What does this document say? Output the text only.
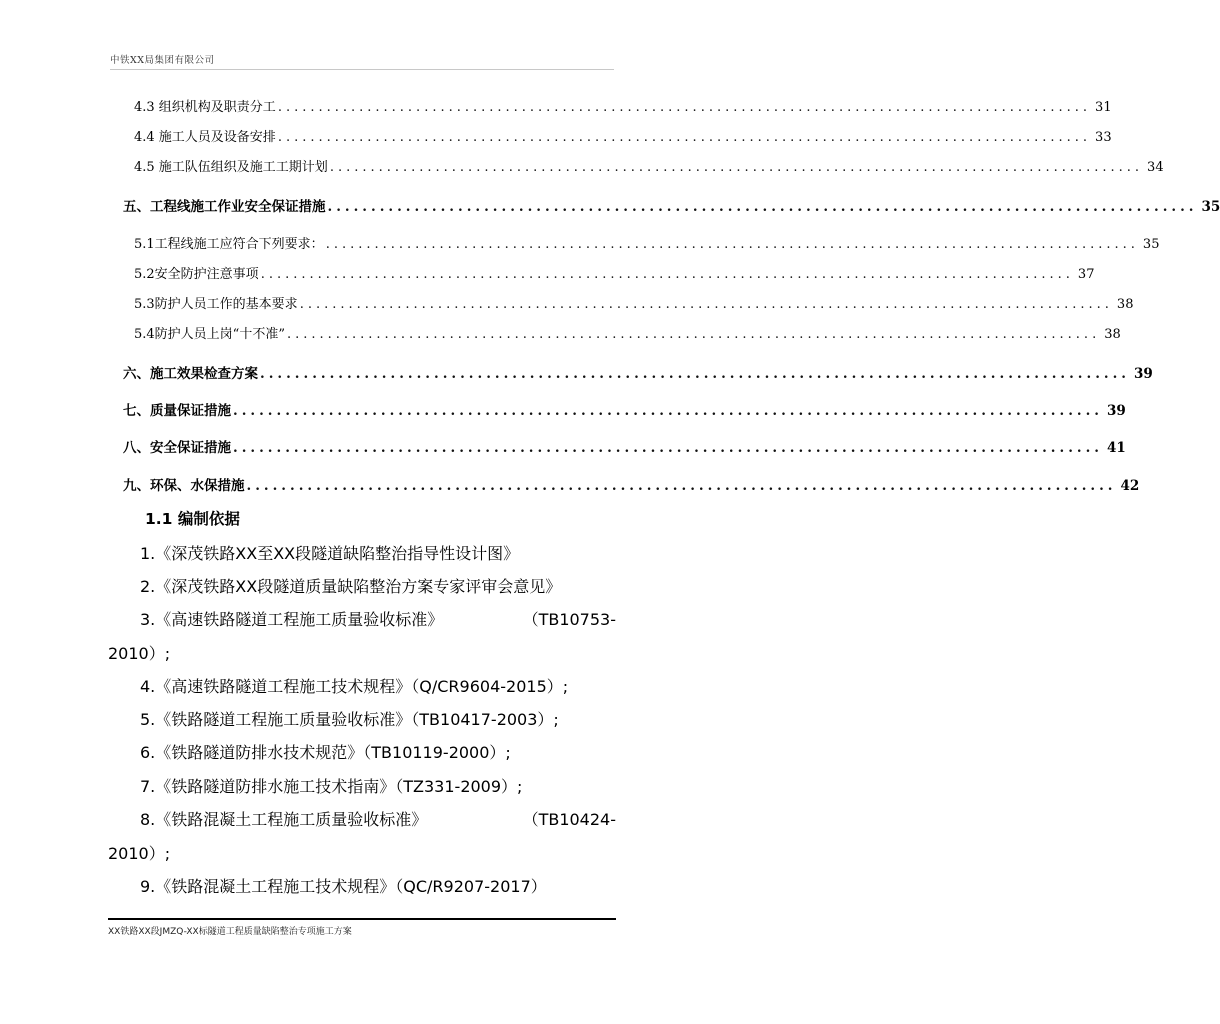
中铁XX局集团有限公司
4.3 组织机构及职责分工 .................................................................................................... 31
4.4 施工人员及设备安排 .................................................................................................... 33
4.5 施工队伍组织及施工工期计划 .................................................................................................... 34
五、工程线施工作业安全保证措施 .................................................................................................... 35
5.1工程线施工应符合下列要求： .................................................................................................... 35
5.2安全防护注意事项 .................................................................................................... 37
5.3防护人员工作的基本要求 .................................................................................................... 38
5.4防护人员上岗“十不准” .................................................................................................... 38
六、施工效果检查方案 .................................................................................................... 39
七、质量保证措施 .................................................................................................... 39
八、安全保证措施 .................................................................................................... 41
九、环保、水保措施 .................................................................................................... 42
1.1 编制依据
1.《深茂铁路XX至XX段隧道缺陷整治指导性设计图》
2.《深茂铁路XX段隧道质量缺陷整治方案专家评审会意见》
3.《高速铁路隧道工程施工质量验收标准》	（TB10753-
2010）;
4.《高速铁路隧道工程施工技术规程》（Q/CR9604-2015）;
5.《铁路隧道工程施工质量验收标准》（TB10417-2003）;
6.《铁路隧道防排水技术规范》（TB10119-2000）;
7.《铁路隧道防排水施工技术指南》（TZ331-2009）;
8.《铁路混凝土工程施工质量验收标准》	（TB10424-
2010）;
9.《铁路混凝土工程施工技术规程》（QC/R9207-2017）
XX铁路XX段JMZQ-XX标隧道工程质量缺陷整治专项施工方案
